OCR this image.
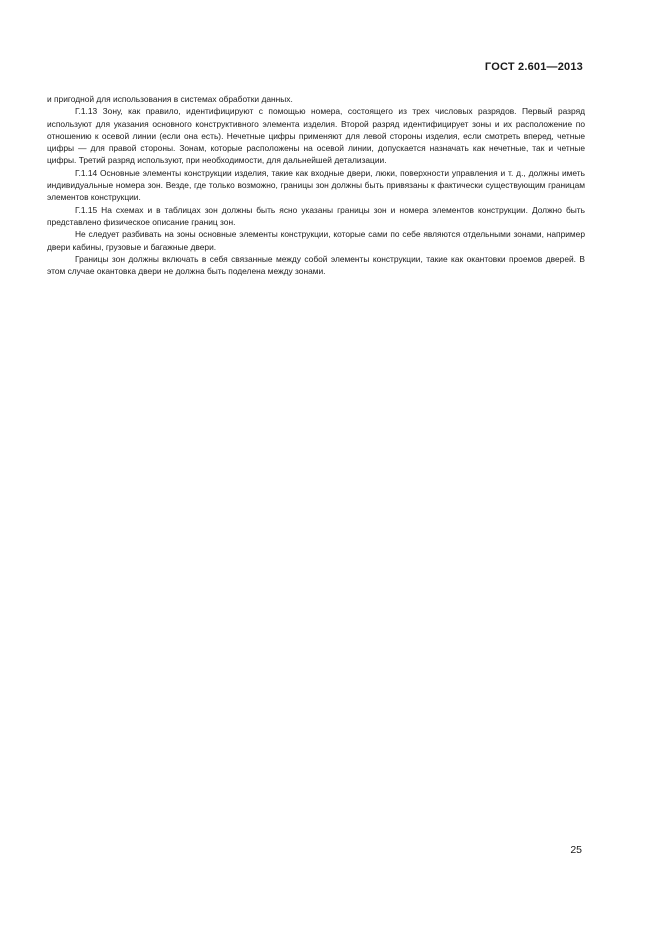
ГОСТ 2.601—2013

и пригодной для использования в системах обработки данных.

Г.1.13 Зону, как правило, идентифицируют с помощью номера, состоящего из трех числовых разрядов. Первый разряд используют для указания основного конструктивного элемента изделия. Второй разряд идентифицирует зоны и их расположение по отношению к осевой линии (если она есть). Нечетные цифры применяют для левой стороны изделия, если смотреть вперед, четные цифры — для правой стороны. Зонам, которые расположены на осевой линии, допускается назначать как нечетные, так и четные цифры. Третий разряд используют, при необходимости, для дальнейшей детализации.

Г.1.14 Основные элементы конструкции изделия, такие как входные двери, люки, поверхности управления и т. д., должны иметь индивидуальные номера зон. Везде, где только возможно, границы зон должны быть привязаны к фактически существующим границам элементов конструкции.

Г.1.15 На схемах и в таблицах зон должны быть ясно указаны границы зон и номера элементов конструкции. Должно быть представлено физическое описание границ зон.

Не следует разбивать на зоны основные элементы конструкции, которые сами по себе являются отдельными зонами, например двери кабины, грузовые и багажные двери.

Границы зон должны включать в себя связанные между собой элементы конструкции, такие как окантовки проемов дверей. В этом случае окантовка двери не должна быть поделена между зонами.

25
